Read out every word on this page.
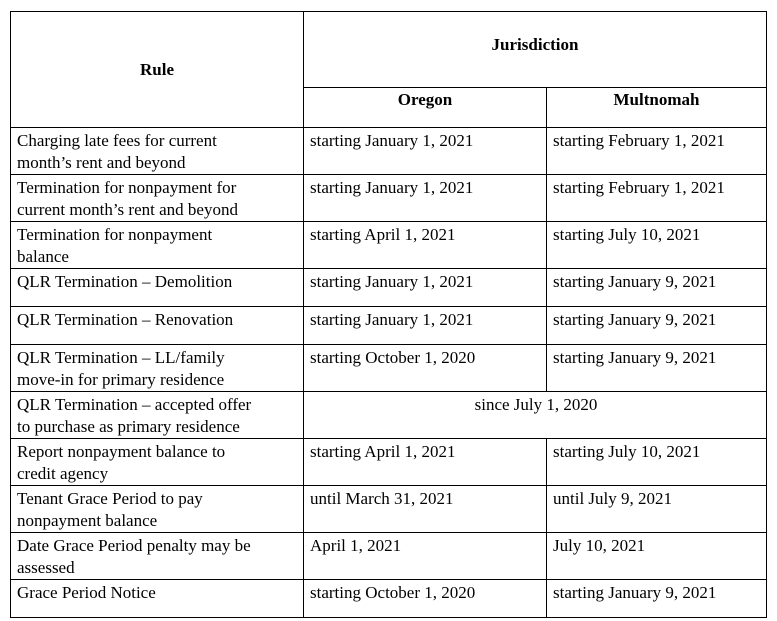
Rule	Jurisdiction	
	Oregon	Multnomah

Charging late fees for current
month’s rent and beyond	starting January 1, 2021	starting February 1, 2021

Termination for nonpayment for
current month’s rent and beyond	starting January 1, 2021	starting February 1, 2021

Termination for nonpayment
balance	starting April 1, 2021	starting July 10, 2021

QLR Termination – Demolition	starting January 1, 2021	starting January 9, 2021

QLR Termination – Renovation	starting January 1, 2021	starting January 9, 2021

QLR Termination – LL/family
move-in for primary residence	starting October 1, 2020	starting January 9, 2021

QLR Termination – accepted offer
to purchase as primary residence	since July 1, 2020	

Report nonpayment balance to
credit agency	starting April 1, 2021	starting July 10, 2021

Tenant Grace Period to pay
nonpayment balance	until March 31, 2021	until July 9, 2021

Date Grace Period penalty may be
assessed	April 1, 2021	July 10, 2021

Grace Period Notice	starting October 1, 2020	starting January 9, 2021
